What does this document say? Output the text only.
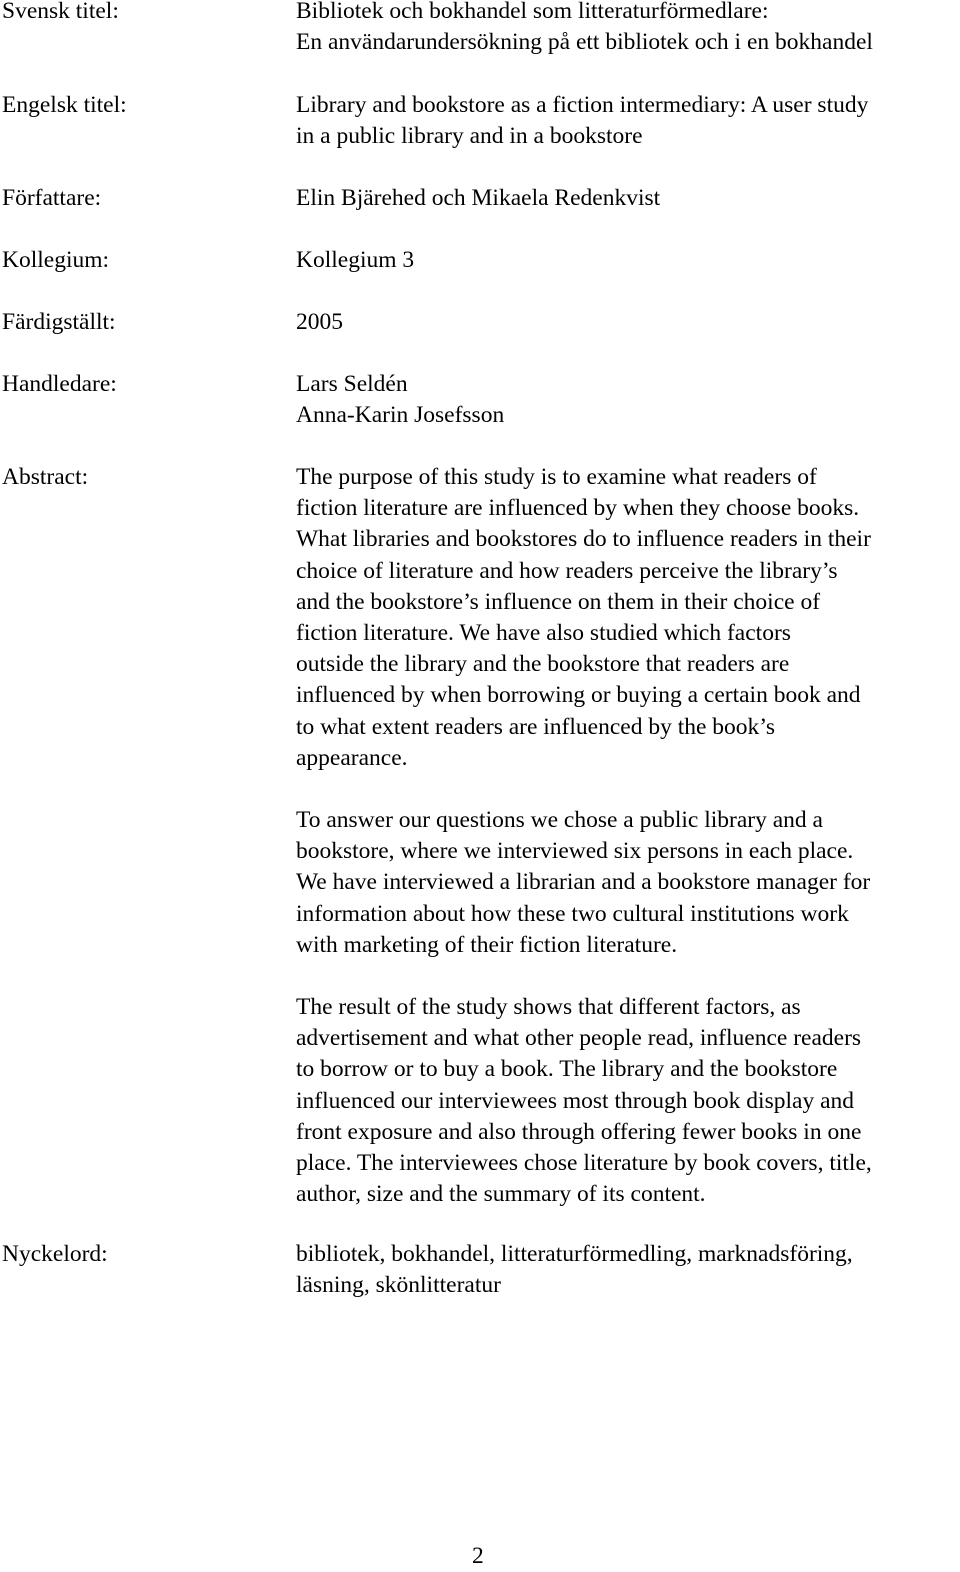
Svensk titel:	Bibliotek och bokhandel som litteraturförmedlare:
En användarundersökning på ett bibliotek och i en bokhandel
Engelsk titel:	Library and bookstore as a fiction intermediary: A user study
in a public library and in a bookstore
Författare:	Elin Bjärehed och Mikaela Redenkvist
Kollegium:	Kollegium 3
Färdigställt:	2005
Handledare:	Lars Seldén
Anna-Karin Josefsson
Abstract:	The purpose of this study is to examine what readers of
fiction literature are influenced by when they choose books.
What libraries and bookstores do to influence readers in their
choice of literature and how readers perceive the library’s
and the bookstore’s influence on them in their choice of
fiction literature. We have also studied which factors
outside the library and the bookstore that readers are
influenced by when borrowing or buying a certain book and
to what extent readers are influenced by the book’s
appearance.
To answer our questions we chose a public library and a
bookstore, where we interviewed six persons in each place.
We have interviewed a librarian and a bookstore manager for
information about how these two cultural institutions work
with marketing of their fiction literature.
The result of the study shows that different factors, as
advertisement and what other people read, influence readers
to borrow or to buy a book. The library and the bookstore
influenced our interviewees most through book display and
front exposure and also through offering fewer books in one
place. The interviewees chose literature by book covers, title,
author, size and the summary of its content.
Nyckelord:	bibliotek, bokhandel, litteraturförmedling, marknadsföring,
läsning, skönlitteratur
2
